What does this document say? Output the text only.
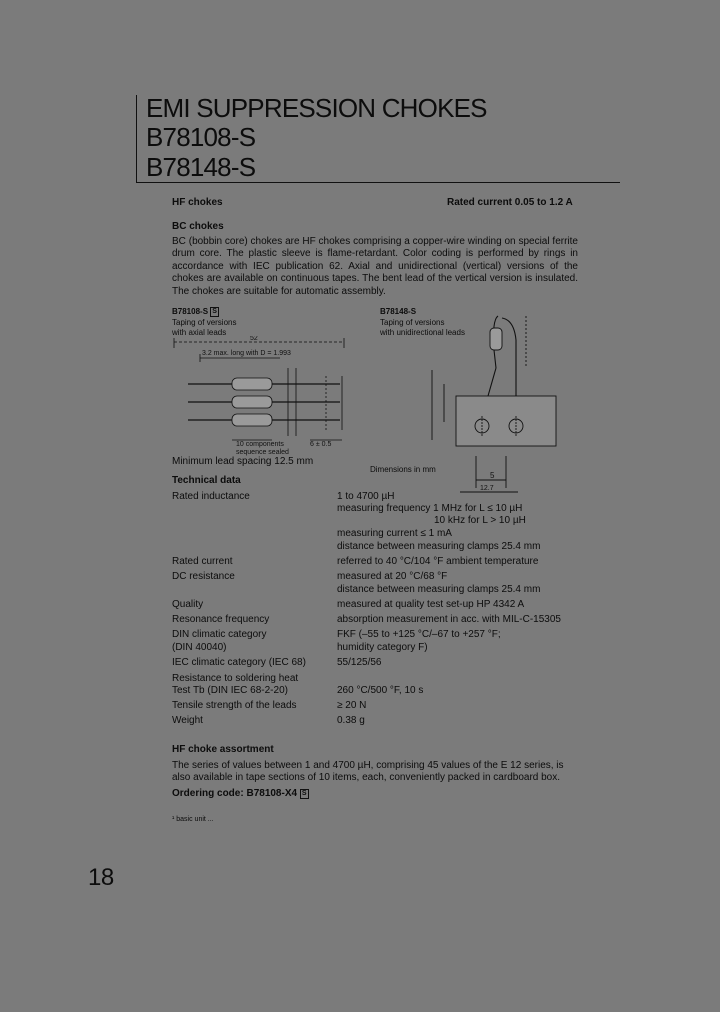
EMI SUPPRESSION CHOKES
B78108-S
B78148-S
HF chokes	Rated current 0.05 to 1.2 A
BC chokes
BC (bobbin core) chokes are HF chokes comprising a copper-wire winding on special ferrite drum core. The plastic sleeve is flame-retardant. Color coding is performed by rings in accordance with IEC publication 62. Axial and unidirectional (vertical) versions of the chokes are available on continuous tapes. The bent lead of the vertical version is insulated. The chokes are suitable for automatic assembly.
B78108-S S
Taping of versions
with axial leads
52
3.2 max. long with D = 1.993
10 components
sequence sealed
6 ± 0.5
Minimum lead spacing 12.5 mm
B78148-S
Taping of versions
with unidirectional leads
5
12.7
Dimensions in mm
Technical data
Rated inductance	1 to 4700 µH
measuring frequency 1 MHz for L ≤ 10 µH
10 kHz for L > 10 µH
measuring current ≤ 1 mA
distance between measuring clamps 25.4 mm
Rated current	referred to 40 °C/104 °F ambient temperature
DC resistance	measured at 20 °C/68 °F
distance between measuring clamps 25.4 mm
Quality	measured at quality test set-up HP 4342 A
Resonance frequency	absorption measurement in acc. with MIL-C-15305
DIN climatic category	FKF (–55 to +125 °C/–67 to +257 °F;
(DIN 40040)	humidity category F)
IEC climatic category (IEC 68)	55/125/56
Resistance to soldering heat
Test Tb (DIN IEC 68-2-20)	260 °C/500 °F, 10 s
Tensile strength of the leads	≥ 20 N
Weight	0.38 g
HF choke assortment
The series of values between 1 and 4700 µH, comprising 45 values of the E 12 series, is also available in tape sections of 10 items, each, conveniently packed in cardboard box.
Ordering code: B78108-X4 S
¹ basic unit ...
18
